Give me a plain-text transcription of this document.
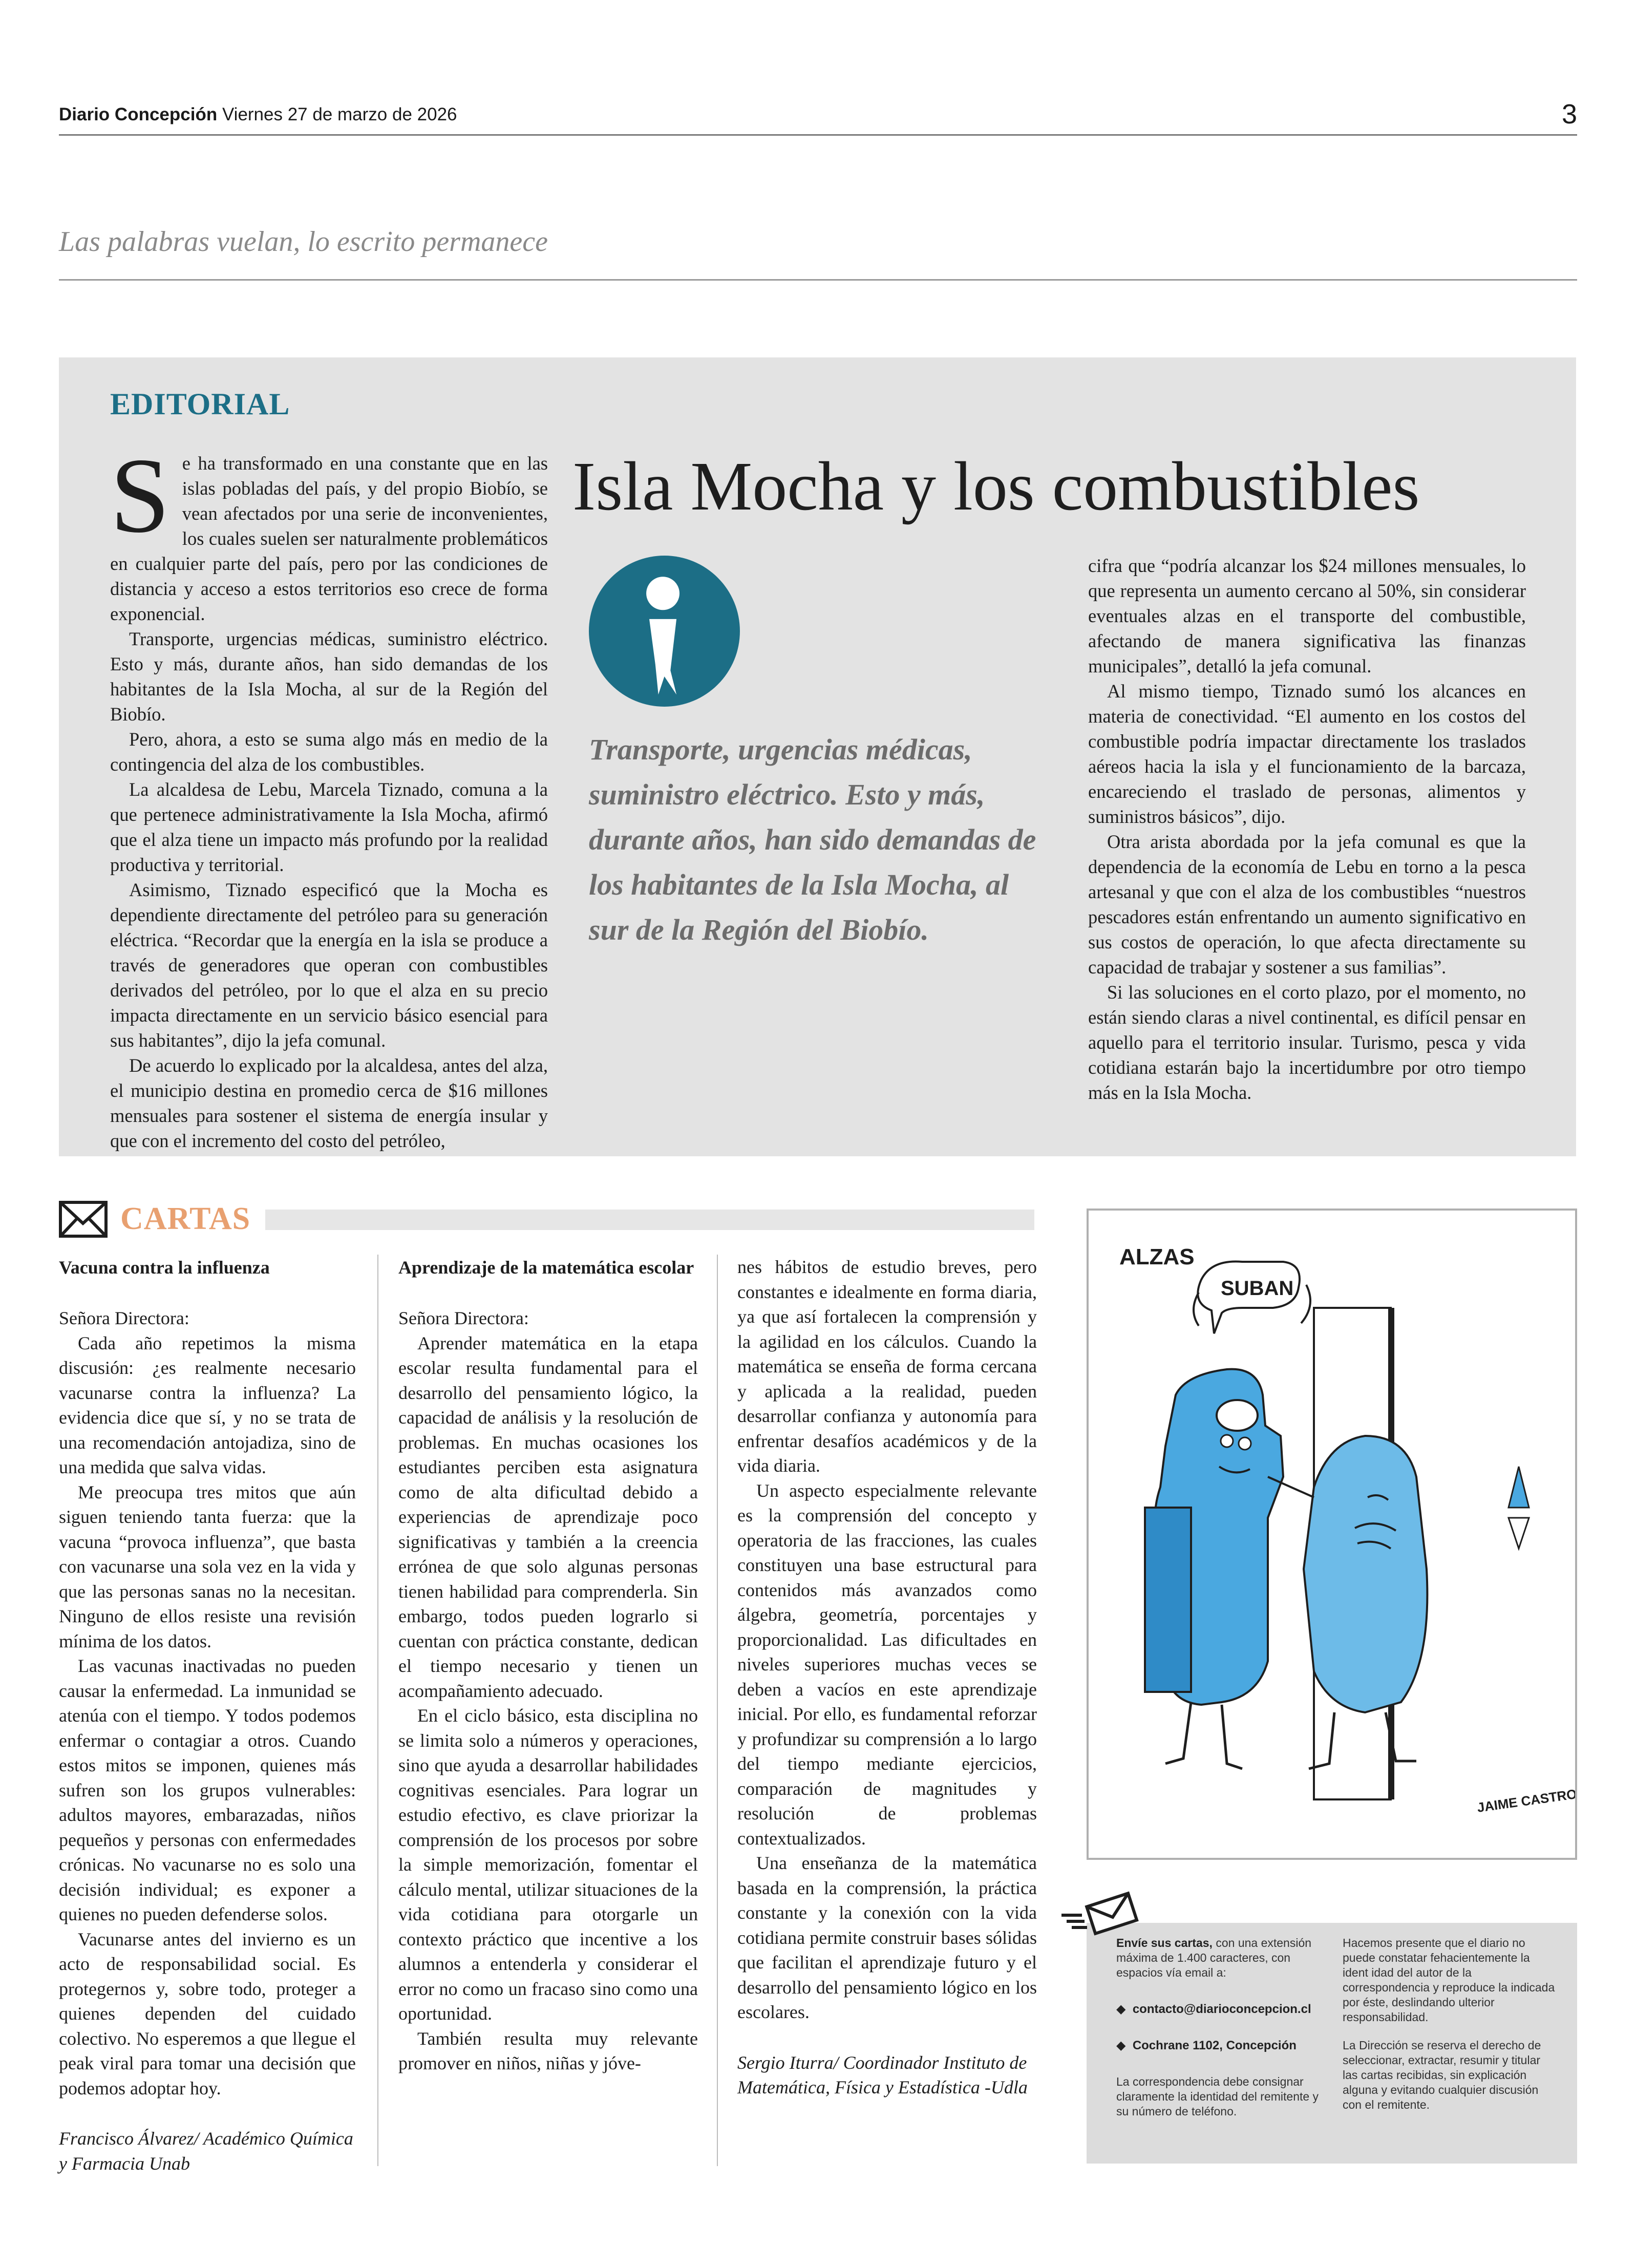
Diario Concepción Viernes 27 de marzo de 2026	3
Las palabras vuelan, lo escrito permanece
EDITORIAL
Isla Mocha y los combustibles
S e ha transformado en una constante que en las islas pobladas del país, y del propio Biobío, se vean afectados por una serie de inconvenientes, los cuales suelen ser naturalmente problemáticos en cualquier parte del país, pero por las condiciones de distancia y acceso a estos territorios eso crece de forma exponencial.

Transporte, urgencias médicas, suministro eléctrico. Esto y más, durante años, han sido demandas de los habitantes de la Isla Mocha, al sur de la Región del Biobío.

Pero, ahora, a esto se suma algo más en medio de la contingencia del alza de los combustibles.

La alcaldesa de Lebu, Marcela Tiznado, comuna a la que pertenece administrativamente la Isla Mocha, afirmó que el alza tiene un impacto más profundo por la realidad productiva y territorial.

Asimismo, Tiznado especificó que la Mocha es dependiente directamente del petróleo para su generación eléctrica. “Recordar que la energía en la isla se produce a través de generadores que operan con combustibles derivados del petróleo, por lo que el alza en su precio impacta directamente en un servicio básico esencial para sus habitantes”, dijo la jefa comunal.

De acuerdo lo explicado por la alcaldesa, antes del alza, el municipio destina en promedio cerca de $16 millones mensuales para sostener el sistema de energía insular y que con el incremento del costo del petróleo,

Transporte, urgencias médicas, suministro eléctrico. Esto y más, durante años, han sido demandas de los habitantes de la Isla Mocha, al sur de la Región del Biobío.

cifra que “podría alcanzar los $24 millones mensuales, lo que representa un aumento cercano al 50%, sin considerar eventuales alzas en el transporte del combustible, afectando de manera significativa las finanzas municipales”, detalló la jefa comunal.

Al mismo tiempo, Tiznado sumó los alcances en materia de conectividad. “El aumento en los costos del combustible podría impactar directamente los traslados aéreos hacia la isla y el funcionamiento de la barcaza, encareciendo el traslado de personas, alimentos y suministros básicos”, dijo.

Otra arista abordada por la jefa comunal es que la dependencia de la economía de Lebu en torno a la pesca artesanal y que con el alza de los combustibles “nuestros pescadores están enfrentando un aumento significativo en sus costos de operación, lo que afecta directamente su capacidad de trabajar y sostener a sus familias”.

Si las soluciones en el corto plazo, por el momento, no están siendo claras a nivel continental, es difícil pensar en aquello para el territorio insular. Turismo, pesca y vida cotidiana estarán bajo la incertidumbre por otro tiempo más en la Isla Mocha.

CARTAS

Vacuna contra la influenza

Señora Directora:

Cada año repetimos la misma discusión: ¿es realmente necesario vacunarse contra la influenza? La evidencia dice que sí, y no se trata de una recomendación antojadiza, sino de una medida que salva vidas.

Me preocupa tres mitos que aún siguen teniendo tanta fuerza: que la vacuna “provoca influenza”, que basta con vacunarse una sola vez en la vida y que las personas sanas no la necesitan. Ninguno de ellos resiste una revisión mínima de los datos.

Las vacunas inactivadas no pueden causar la enfermedad. La inmunidad se atenúa con el tiempo. Y todos podemos enfermar o contagiar a otros. Cuando estos mitos se imponen, quienes más sufren son los grupos vulnerables: adultos mayores, embarazadas, niños pequeños y personas con enfermedades crónicas. No vacunarse no es solo una decisión individual; es exponer a quienes no pueden defenderse solos.

Vacunarse antes del invierno es un acto de responsabilidad social. Es protegernos y, sobre todo, proteger a quienes dependen del cuidado colectivo. No esperemos a que llegue el peak viral para tomar una decisión que podemos adoptar hoy.

Francisco Álvarez/ Académico Química y Farmacia Unab

Aprendizaje de la matemática escolar

Señora Directora:

Aprender matemática en la etapa escolar resulta fundamental para el desarrollo del pensamiento lógico, la capacidad de análisis y la resolución de problemas. En muchas ocasiones los estudiantes perciben esta asignatura como de alta dificultad debido a experiencias de aprendizaje poco significativas y también a la creencia errónea de que solo algunas personas tienen habilidad para comprenderla. Sin embargo, todos pueden lograrlo si cuentan con práctica constante, dedican el tiempo necesario y tienen un acompañamiento adecuado.

En el ciclo básico, esta disciplina no se limita solo a números y operaciones, sino que ayuda a desarrollar habilidades cognitivas esenciales. Para lograr un estudio efectivo, es clave priorizar la comprensión de los procesos por sobre la simple memorización, fomentar el cálculo mental, utilizar situaciones de la vida cotidiana para otorgarle un contexto práctico que incentive a los alumnos a entenderla y considerar el error no como un fracaso sino como una oportunidad.

También resulta muy relevante promover en niños, niñas y jóve-

nes hábitos de estudio breves, pero constantes e idealmente en forma diaria, ya que así fortalecen la comprensión y la agilidad en los cálculos. Cuando la matemática se enseña de forma cercana y aplicada a la realidad, pueden desarrollar confianza y autonomía para enfrentar desafíos académicos y de la vida diaria.

Un aspecto especialmente relevante es la comprensión del concepto y operatoria de las fracciones, las cuales constituyen una base estructural para contenidos más avanzados como álgebra, geometría, porcentajes y proporcionalidad. Las dificultades en niveles superiores muchas veces se deben a vacíos en este aprendizaje inicial. Por ello, es fundamental reforzar y profundizar su comprensión a lo largo del tiempo mediante ejercicios, comparación de magnitudes y resolución de problemas contextualizados.

Una enseñanza de la matemática basada en la comprensión, la práctica constante y la conexión con la vida cotidiana permite construir bases sólidas que facilitan el aprendizaje futuro y el desarrollo del pensamiento lógico en los escolares.

Sergio Iturra/ Coordinador Instituto de Matemática, Física y Estadística -Udla

ALZAS
SUBAN
JAIME CASTRO

Envíe sus cartas, con una extensión máxima de 1.400 caracteres, con espacios vía email a:

◆ contacto@diarioconcepcion.cl

◆ Cochrane 1102, Concepción

La correspondencia debe consignar claramente la identidad del remitente y su número de teléfono.

Hacemos presente que el diario no puede constatar fehacientemente la ident idad del autor de la correspondencia y reproduce la indicada por éste, deslindando ulterior responsabilidad.

La Dirección se reserva el derecho de seleccionar, extractar, resumir y titular las cartas recibidas, sin explicación alguna y evitando cualquier discusión con el remitente.
